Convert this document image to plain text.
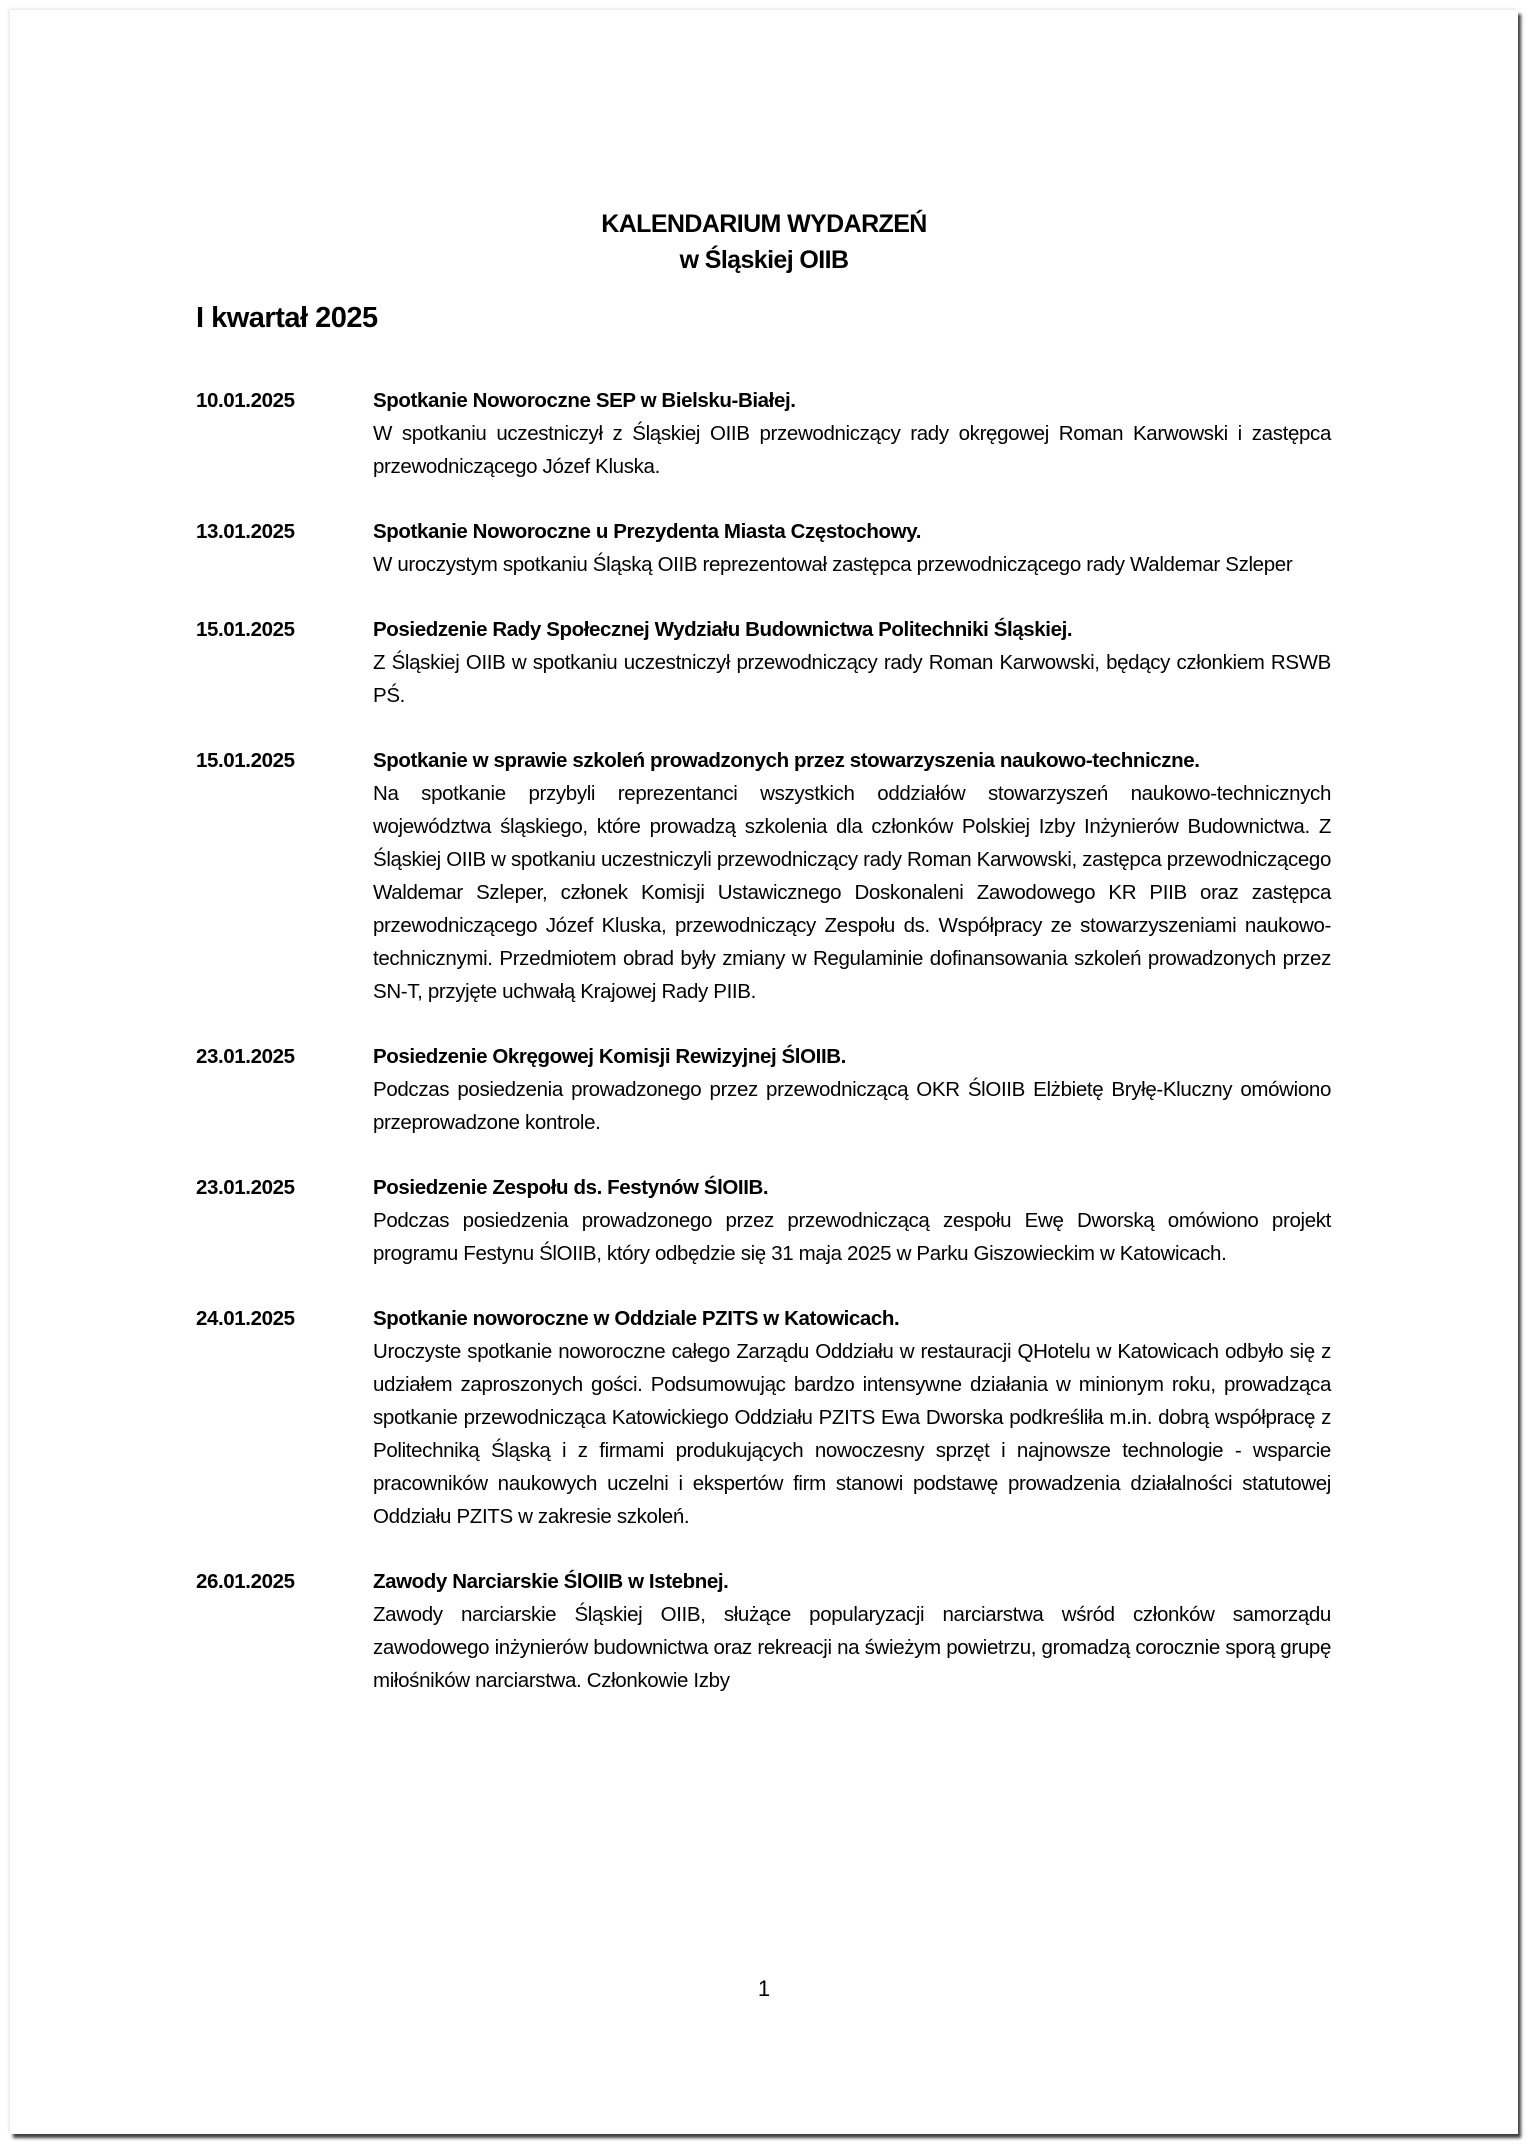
KALENDARIUM WYDARZEŃ
w Śląskiej OIIB
I kwartał 2025
10.01.2025	Spotkanie Noworoczne SEP w Bielsku-Białej.
W spotkaniu uczestniczył z Śląskiej OIIB przewodniczący rady okręgowej Roman Karwowski i zastępca przewodniczącego Józef Kluska.
13.01.2025	Spotkanie Noworoczne u Prezydenta Miasta Częstochowy.
W uroczystym spotkaniu Śląską OIIB reprezentował zastępca przewodniczącego rady Waldemar Szleper
15.01.2025	Posiedzenie Rady Społecznej Wydziału Budownictwa Politechniki Śląskiej.
Z Śląskiej OIIB w spotkaniu uczestniczył przewodniczący rady Roman Karwowski, będący członkiem RSWB PŚ.
15.01.2025	Spotkanie w sprawie szkoleń prowadzonych przez stowarzyszenia naukowo-techniczne.
Na spotkanie przybyli reprezentanci wszystkich oddziałów stowarzyszeń naukowo-technicznych województwa śląskiego, które prowadzą szkolenia dla członków Polskiej Izby Inżynierów Budownictwa. Z Śląskiej OIIB w spotkaniu uczestniczyli przewodniczący rady Roman Karwowski, zastępca przewodniczącego Waldemar Szleper, członek Komisji Ustawicznego Doskonaleni Zawodowego KR PIIB oraz zastępca przewodniczącego Józef Kluska, przewodniczący Zespołu ds. Współpracy ze stowarzyszeniami naukowo-technicznymi. Przedmiotem obrad były zmiany w Regulaminie dofinansowania szkoleń prowadzonych przez SN-T, przyjęte uchwałą Krajowej Rady PIIB.
23.01.2025	Posiedzenie Okręgowej Komisji Rewizyjnej ŚlOIIB.
Podczas posiedzenia prowadzonego przez przewodniczącą OKR ŚlOIIB Elżbietę Bryłę-Kluczny omówiono przeprowadzone kontrole.
23.01.2025	Posiedzenie Zespołu ds. Festynów ŚlOIIB.
Podczas posiedzenia prowadzonego przez przewodniczącą zespołu Ewę Dworską omówiono projekt programu Festynu ŚlOIIB, który odbędzie się 31 maja 2025 w Parku Giszowieckim w Katowicach.
24.01.2025	Spotkanie noworoczne w Oddziale PZITS w Katowicach.
Uroczyste spotkanie noworoczne całego Zarządu Oddziału w restauracji QHotelu w Katowicach odbyło się z udziałem zaproszonych gości. Podsumowując bardzo intensywne działania w minionym roku, prowadząca spotkanie przewodnicząca Katowickiego Oddziału PZITS Ewa Dworska podkreśliła m.in. dobrą współpracę z Politechniką Śląską i z firmami produkujących nowoczesny sprzęt i najnowsze technologie - wsparcie pracowników naukowych uczelni i ekspertów firm stanowi podstawę prowadzenia działalności statutowej Oddziału PZITS w zakresie szkoleń.
26.01.2025	Zawody Narciarskie ŚlOIIB w Istebnej.
Zawody narciarskie Śląskiej OIIB, służące popularyzacji narciarstwa wśród członków samorządu zawodowego inżynierów budownictwa oraz rekreacji na świeżym powietrzu, gromadzą corocznie sporą grupę miłośników narciarstwa. Członkowie Izby
1
